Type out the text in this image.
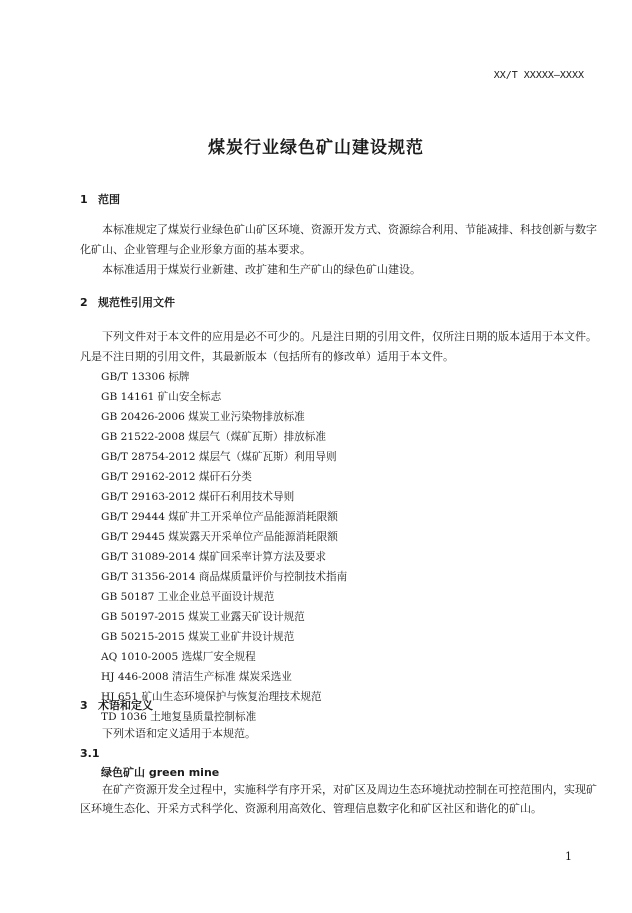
XX/T XXXXX—XXXX
煤炭行业绿色矿山建设规范
1 范围
本标准规定了煤炭行业绿色矿山矿区环境、资源开发方式、资源综合利用、节能减排、科技创新与数字化矿山、企业管理与企业形象方面的基本要求。
本标准适用于煤炭行业新建、改扩建和生产矿山的绿色矿山建设。
2 规范性引用文件
下列文件对于本文件的应用是必不可少的。凡是注日期的引用文件，仅所注日期的版本适用于本文件。凡是不注日期的引用文件，其最新版本（包括所有的修改单）适用于本文件。
GB/T 13306 标牌
GB 14161 矿山安全标志
GB 20426-2006 煤炭工业污染物排放标准
GB 21522-2008 煤层气（煤矿瓦斯）排放标准
GB/T 28754-2012 煤层气（煤矿瓦斯）利用导则
GB/T 29162-2012 煤矸石分类
GB/T 29163-2012 煤矸石利用技术导则
GB/T 29444 煤矿井工开采单位产品能源消耗限额
GB/T 29445 煤炭露天开采单位产品能源消耗限额
GB/T 31089-2014 煤矿回采率计算方法及要求
GB/T 31356-2014 商品煤质量评价与控制技术指南
GB 50187 工业企业总平面设计规范
GB 50197-2015 煤炭工业露天矿设计规范
GB 50215-2015 煤炭工业矿井设计规范
AQ 1010-2005 选煤厂安全规程
HJ 446-2008 清洁生产标准 煤炭采选业
HJ 651 矿山生态环境保护与恢复治理技术规范
TD 1036 土地复垦质量控制标准
3 术语和定义
下列术语和定义适用于本规范。
3.1
绿色矿山 green mine
在矿产资源开发全过程中，实施科学有序开采，对矿区及周边生态环境扰动控制在可控范围内，实现矿区环境生态化、开采方式科学化、资源利用高效化、管理信息数字化和矿区社区和谐化的矿山。
1
